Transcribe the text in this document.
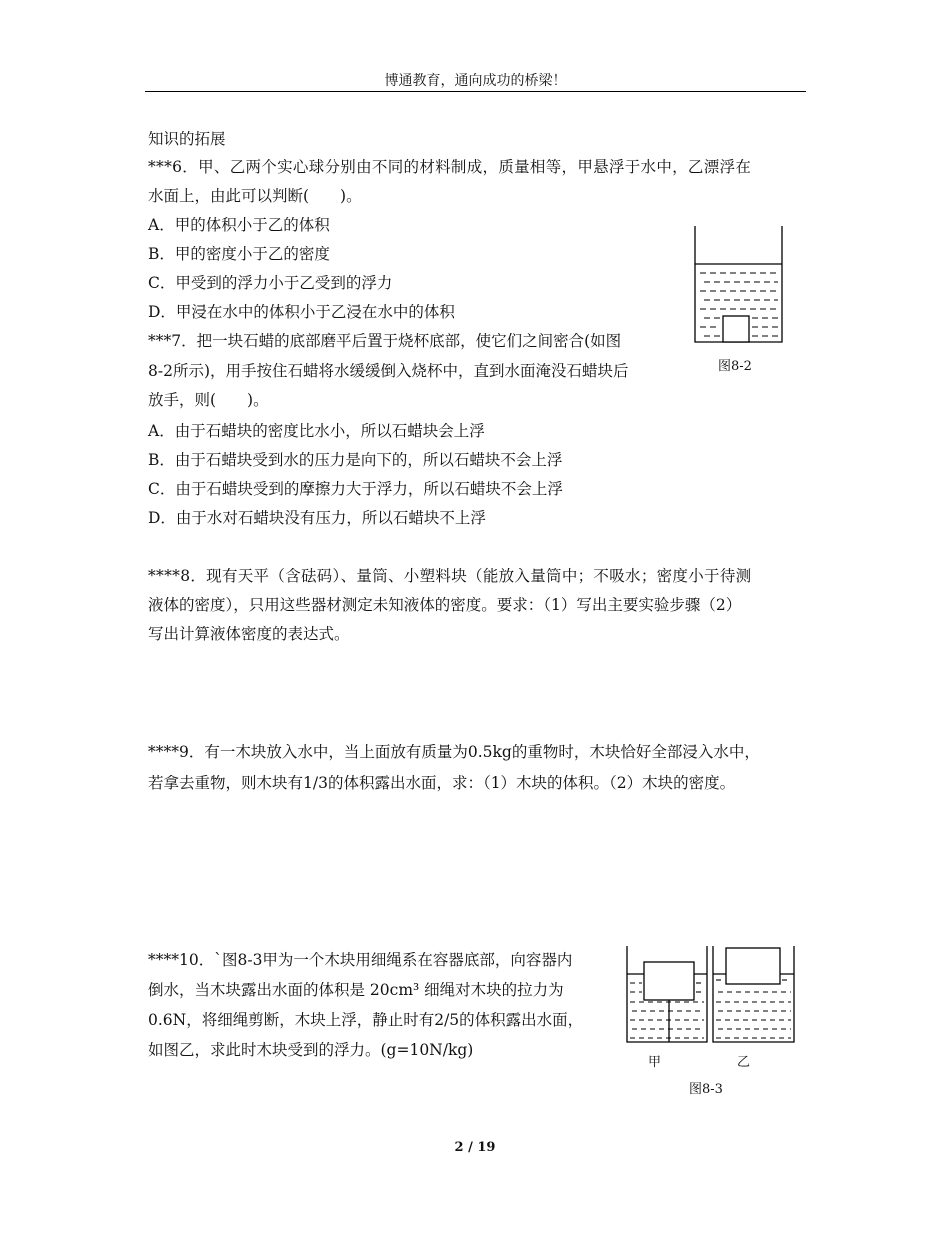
博通教育，通向成功的桥梁！
知识的拓展
***6．甲、乙两个实心球分别由不同的材料制成，质量相等，甲悬浮于水中，乙漂浮在
水面上，由此可以判断(　　)。
A．甲的体积小于乙的体积
B．甲的密度小于乙的密度
C．甲受到的浮力小于乙受到的浮力
D．甲浸在水中的体积小于乙浸在水中的体积
***7．把一块石蜡的底部磨平后置于烧杯底部，使它们之间密合(如图
8-2所示)，用手按住石蜡将水缓缓倒入烧杯中，直到水面淹没石蜡块后
放手，则(　　)。
A．由于石蜡块的密度比水小，所以石蜡块会上浮
B．由于石蜡块受到水的压力是向下的，所以石蜡块不会上浮
C．由于石蜡块受到的摩擦力大于浮力，所以石蜡块不会上浮
D．由于水对石蜡块没有压力，所以石蜡块不上浮
图8-2
****8．现有天平（含砝码）、量筒、小塑料块（能放入量筒中；不吸水；密度小于待测
液体的密度），只用这些器材测定未知液体的密度。要求：（1）写出主要实验步骤（2）
写出计算液体密度的表达式。
****9．有一木块放入水中，当上面放有质量为0.5kg的重物时，木块恰好全部浸入水中，
若拿去重物，则木块有1/3的体积露出水面，求：（1）木块的体积。（2）木块的密度。
****10．`图8-3甲为一个木块用细绳系在容器底部，向容器内
倒水，当木块露出水面的体积是 20cm³ 细绳对木块的拉力为
0.6N，将细绳剪断，木块上浮，静止时有2/5的体积露出水面，
如图乙，求此时木块受到的浮力。(g=10N/kg)
甲	乙
图8-3
2 / 19
